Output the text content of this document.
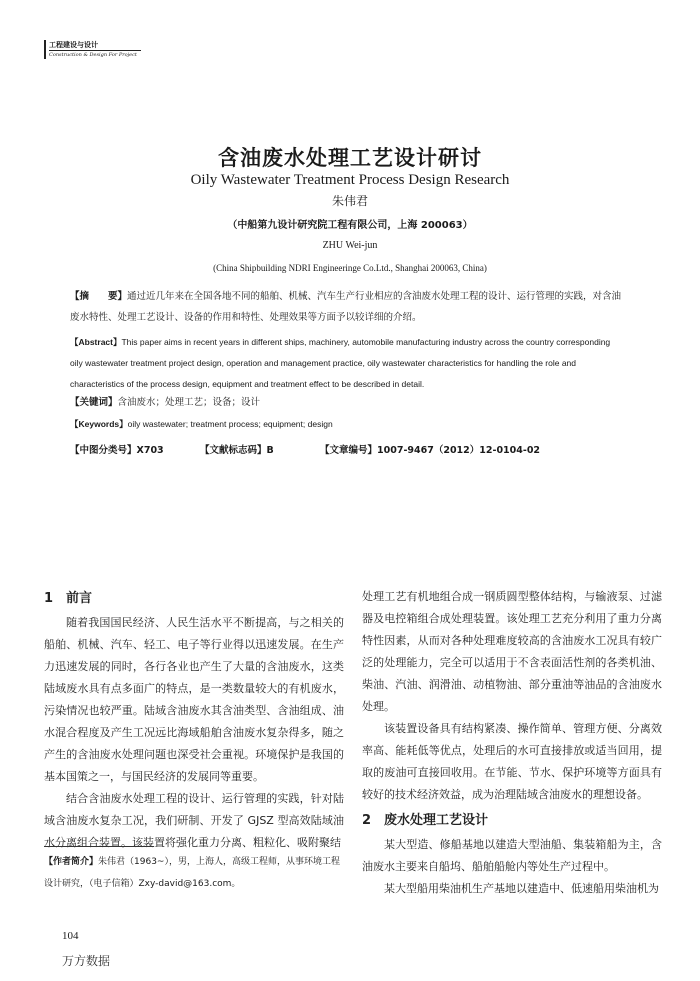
工程建设与设计
Construction & Design For Project
含油废水处理工艺设计研讨
Oily Wastewater Treatment Process Design Research
朱伟君
（中船第九设计研究院工程有限公司，上海 200063）
ZHU Wei-jun
(China Shipbuilding NDRI Engineeringe Co.Ltd., Shanghai 200063, China)
【摘　　要】通过近几年来在全国各地不同的船舶、机械、汽车生产行业相应的含油废水处理工程的设计、运行管理的实践，对含油废水特性、处理工艺设计、设备的作用和特性、处理效果等方面予以较详细的介绍。
【Abstract】This paper aims in recent years in different ships, machinery, automobile manufacturing industry across the country corresponding oily wastewater treatment project design, operation and management practice, oily wastewater characteristics for handling the role and characteristics of the process design, equipment and treatment effect to be described in detail.
【关键词】含油废水；处理工艺；设备；设计
【Keywords】oily wastewater; treatment process; equipment; design
【中图分类号】X703	【文献标志码】B	【文章编号】1007-9467（2012）12-0104-02
1　前言

随着我国国民经济、人民生活水平不断提高，与之相关的船舶、机械、汽车、轻工、电子等行业得以迅速发展。在生产力迅速发展的同时，各行各业也产生了大量的含油废水，这类陆域废水具有点多面广的特点，是一类数量较大的有机废水，污染情况也较严重。陆域含油废水其含油类型、含油组成、油水混合程度及产生工况远比海域船舶含油废水复杂得多，随之产生的含油废水处理问题也深受社会重视。环境保护是我国的基本国策之一，与国民经济的发展同等重要。

结合含油废水处理工程的设计、运行管理的实践，针对陆域含油废水复杂工况，我们研制、开发了 GJSZ 型高效陆域油水分离组合装置。该装置将强化重力分离、粗粒化、吸附聚结

处理工艺有机地组合成一钢质圆型整体结构，与输液泵、过滤器及电控箱组合成处理装置。该处理工艺充分利用了重力分离特性因素，从而对各种处理难度较高的含油废水工况具有较广泛的处理能力，完全可以适用于不含表面活性剂的各类机油、柴油、汽油、润滑油、动植物油、部分重油等油品的含油废水处理。

该装置设备具有结构紧凑、操作简单、管理方便、分离效率高、能耗低等优点，处理后的水可直接排放或适当回用，提取的废油可直接回收用。在节能、节水、保护环境等方面具有较好的技术经济效益，成为治理陆域含油废水的理想设备。

2　废水处理工艺设计

某大型造、修船基地以建造大型油船、集装箱船为主，含油废水主要来自船坞、船舶船舱内等处生产过程中。

某大型船用柴油机生产基地以建造中、低速船用柴油机为

【作者简介】朱伟君（1963~），男，上海人，高级工程师，从事环境工程设计研究，（电子信箱）Zxy-david@163.com。
104
万方数据
